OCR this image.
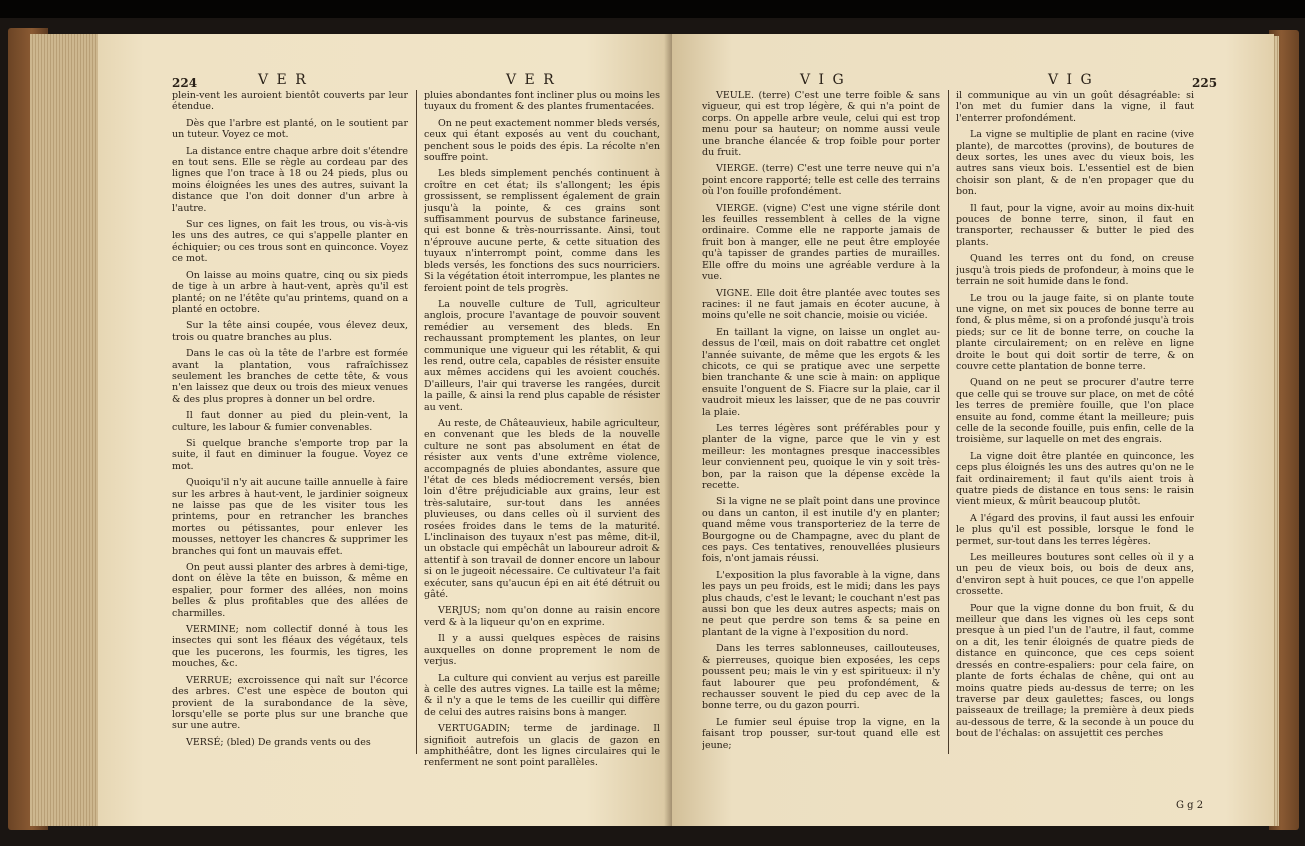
224	V E R	V E R

plein-vent les auroient bientôt couverts par leur étendue.

Dès que l'arbre est planté, on le soutient par un tuteur. Voyez ce mot.

La distance entre chaque arbre doit s'étendre en tout sens. Elle se règle au cordeau par des lignes que l'on trace à 18 ou 24 pieds, plus ou moins éloignées les unes des autres, suivant la distance que l'on doit donner d'un arbre à l'autre.

Sur ces lignes, on fait les trous, ou vis-à-vis les uns des autres, ce qui s'appelle planter en échiquier; ou ces trous sont en quinconce. Voyez ce mot.

On laisse au moins quatre, cinq ou six pieds de tige à un arbre à haut-vent, après qu'il est planté; on ne l'étête qu'au printems, quand on a planté en octobre.

Sur la tête ainsi coupée, vous élevez deux, trois ou quatre branches au plus.

Dans le cas où la tête de l'arbre est formée avant la plantation, vous rafraîchissez seulement les branches de cette tête, & vous n'en laissez que deux ou trois des mieux venues & des plus propres à donner un bel ordre.

Il faut donner au pied du plein-vent, la culture, les labour & fumier convenables.

Si quelque branche s'emporte trop par la suite, il faut en diminuer la fougue. Voyez ce mot.

Quoiqu'il n'y ait aucune taille annuelle à faire sur les arbres à haut-vent, le jardinier soigneux ne laisse pas que de les visiter tous les printems, pour en retrancher les branches mortes ou pétissantes, pour enlever les mousses, nettoyer les chancres & supprimer les branches qui font un mauvais effet.

On peut aussi planter des arbres à demi-tige, dont on élève la tête en buisson, & même en espalier, pour former des allées, non moins belles & plus profitables que des allées de charmilles.

VERMINE; nom collectif donné à tous les insectes qui sont les fléaux des végétaux, tels que les pucerons, les fourmis, les tigres, les mouches, &c.

VERRUE; excroissence qui naît sur l'écorce des arbres. C'est une espèce de bouton qui provient de la surabondance de la sève, lorsqu'elle se porte plus sur une branche que sur une autre.

VERSÉ; (bled) De grands vents ou des

pluies abondantes font incliner plus ou moins les tuyaux du froment & des plantes frumentacées.

On ne peut exactement nommer bleds versés, ceux qui étant exposés au vent du couchant, penchent sous le poids des épis. La récolte n'en souffre point.

Les bleds simplement penchés continuent à croître en cet état; ils s'allongent; les épis grossissent, se remplissent également de grain jusqu'à la pointe, & ces grains sont suffisamment pourvus de substance farineuse, qui est bonne & très-nourrissante. Ainsi, tout n'éprouve aucune perte, & cette situation des tuyaux n'interrompt point, comme dans les bleds versés, les fonctions des sucs nourriciers. Si la végétation étoit interrompue, les plantes ne feroient point de tels progrès.

La nouvelle culture de Tull, agriculteur anglois, procure l'avantage de pouvoir souvent remédier au versement des bleds. En rechaussant promptement les plantes, on leur communique une vigueur qui les rétablit, & qui les rend, outre cela, capables de résister ensuite aux mêmes accidens qui les avoient couchés. D'ailleurs, l'air qui traverse les rangées, durcit la paille, & ainsi la rend plus capable de résister au vent.

Au reste, de Châteauvieux, habile agriculteur, en convenant que les bleds de la nouvelle culture ne sont pas absolument en état de résister aux vents d'une extrême violence, accompagnés de pluies abondantes, assure que l'état de ces bleds médiocrement versés, bien loin d'être préjudiciable aux grains, leur est très-salutaire, sur-tout dans les années pluvieuses, ou dans celles où il survient des rosées froides dans le tems de la maturité. L'inclinaison des tuyaux n'est pas même, dit-il, un obstacle qui empêchât un laboureur adroit & attentif à son travail de donner encore un labour si on le jugeoit nécessaire. Ce cultivateur l'a fait exécuter, sans qu'aucun épi en ait été détruit ou gâté.

VERJUS; nom qu'on donne au raisin encore verd & à la liqueur qu'on en exprime.

Il y a aussi quelques espèces de raisins auxquelles on donne proprement le nom de verjus.

La culture qui convient au verjus est pareille à celle des autres vignes. La taille est la même; & il n'y a que le tems de les cueillir qui diffère de celui des autres raisins bons à manger.

VERTUGADIN; terme de jardinage. Il signifioit autrefois un glacis de gazon en amphithéâtre, dont les lignes circulaires qui le renferment ne sont point parallèles.

V I G	V I G	225

VEULE. (terre) C'est une terre foible & sans vigueur, qui est trop légère, & qui n'a point de corps. On appelle arbre veule, celui qui est trop menu pour sa hauteur; on nomme aussi veule une branche élancée & trop foible pour porter du fruit.

VIERGE. (terre) C'est une terre neuve qui n'a point encore rapporté; telle est celle des terrains où l'on fouille profondément.

VIERGE. (vigne) C'est une vigne stérile dont les feuilles ressemblent à celles de la vigne ordinaire. Comme elle ne rapporte jamais de fruit bon à manger, elle ne peut être employée qu'à tapisser de grandes parties de murailles. Elle offre du moins une agréable verdure à la vue.

VIGNE. Elle doit être plantée avec toutes ses racines: il ne faut jamais en écoter aucune, à moins qu'elle ne soit chancie, moisie ou viciée.

En taillant la vigne, on laisse un onglet au-dessus de l'œil, mais on doit rabattre cet onglet l'année suivante, de même que les ergots & les chicots, ce qui se pratique avec une serpette bien tranchante & une scie à main: on applique ensuite l'onguent de S. Fiacre sur la plaie, car il vaudroit mieux les laisser, que de ne pas couvrir la plaie.

Les terres légères sont préférables pour y planter de la vigne, parce que le vin y est meilleur: les montagnes presque inaccessibles leur conviennent peu, quoique le vin y soit très-bon, par la raison que la dépense excède la recette.

Si la vigne ne se plaît point dans une province ou dans un canton, il est inutile d'y en planter; quand même vous transporteriez de la terre de Bourgogne ou de Champagne, avec du plant de ces pays. Ces tentatives, renouvellées plusieurs fois, n'ont jamais réussi.

L'exposition la plus favorable à la vigne, dans les pays un peu froids, est le midi; dans les pays plus chauds, c'est le levant; le couchant n'est pas aussi bon que les deux autres aspects; mais on ne peut que perdre son tems & sa peine en plantant de la vigne à l'exposition du nord.

Dans les terres sablonneuses, caillouteuses, & pierreuses, quoique bien exposées, les ceps poussent peu; mais le vin y est spiritueux: il n'y faut labourer que peu profondément, & rechausser souvent le pied du cep avec de la bonne terre, ou du gazon pourri.

Le fumier seul épuise trop la vigne, en la faisant trop pousser, sur-tout quand elle est jeune;

il communique au vin un goût désagréable: si l'on met du fumier dans la vigne, il faut l'enterrer profondément.

La vigne se multiplie de plant en racine (vive plante), de marcottes (provins), de boutures de deux sortes, les unes avec du vieux bois, les autres sans vieux bois. L'essentiel est de bien choisir son plant, & de n'en propager que du bon.

Il faut, pour la vigne, avoir au moins dix-huit pouces de bonne terre, sinon, il faut en transporter, rechausser & butter le pied des plants.

Quand les terres ont du fond, on creuse jusqu'à trois pieds de profondeur, à moins que le terrain ne soit humide dans le fond.

Le trou ou la jauge faite, si on plante toute une vigne, on met six pouces de bonne terre au fond, & plus même, si on a profondé jusqu'à trois pieds; sur ce lit de bonne terre, on couche la plante circulairement; on en relève en ligne droite le bout qui doit sortir de terre, & on couvre cette plantation de bonne terre.

Quand on ne peut se procurer d'autre terre que celle qui se trouve sur place, on met de côté les terres de première fouille, que l'on place ensuite au fond, comme étant la meilleure; puis celle de la seconde fouille, puis enfin, celle de la troisième, sur laquelle on met des engrais.

La vigne doit être plantée en quinconce, les ceps plus éloignés les uns des autres qu'on ne le fait ordinairement; il faut qu'ils aient trois à quatre pieds de distance en tous sens: le raisin vient mieux, & mûrit beaucoup plutôt.

A l'égard des provins, il faut aussi les enfouir le plus qu'il est possible, lorsque le fond le permet, sur-tout dans les terres légères.

Les meilleures boutures sont celles où il y a un peu de vieux bois, ou bois de deux ans, d'environ sept à huit pouces, ce que l'on appelle crossette.

Pour que la vigne donne du bon fruit, & du meilleur que dans les vignes où les ceps sont presque à un pied l'un de l'autre, il faut, comme on a dit, les tenir éloignés de quatre pieds de distance en quinconce, que ces ceps soient dressés en contre-espaliers: pour cela faire, on plante de forts échalas de chêne, qui ont au moins quatre pieds au-dessus de terre; on les traverse par deux gaulettes; fasces, ou longs paisseaux de treillage; la première à deux pieds au-dessous de terre, & la seconde à un pouce du bout de l'échalas: on assujettit ces perches

G g 2
